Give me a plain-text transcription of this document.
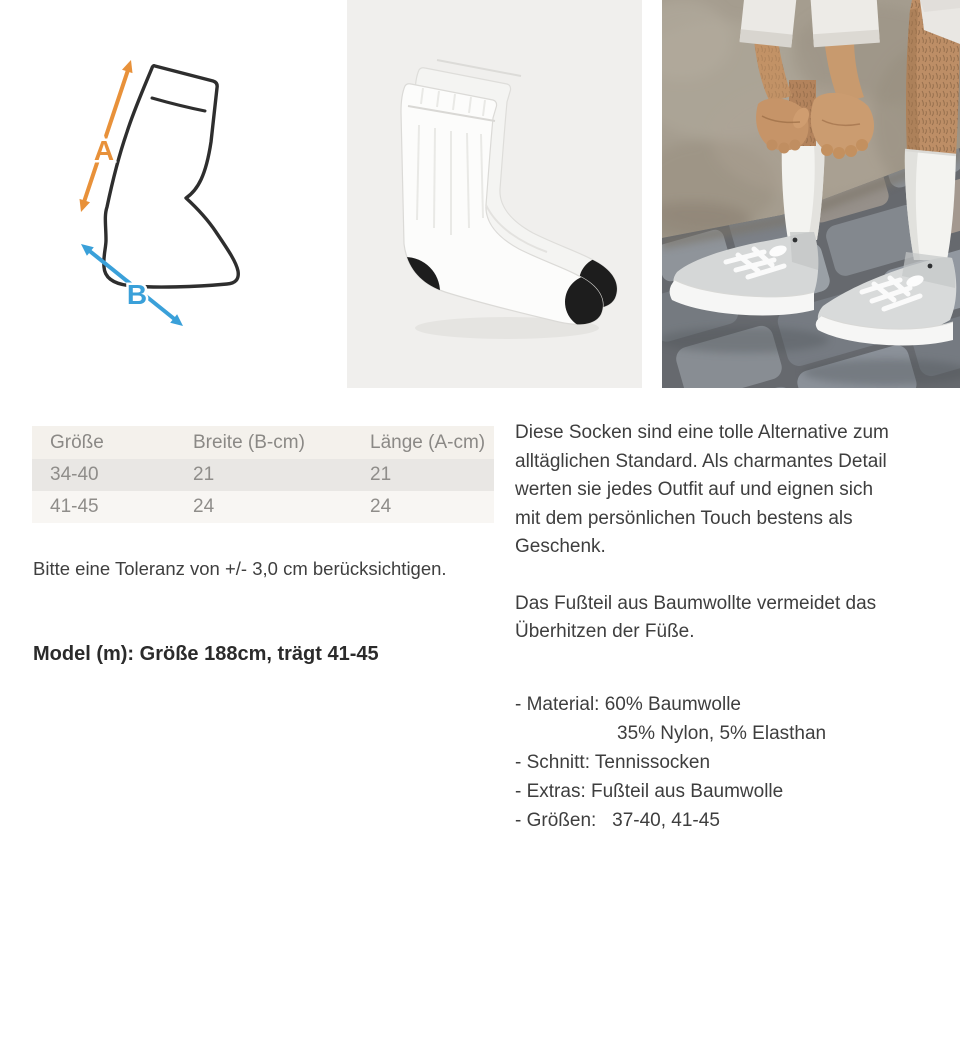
A
B
Größe	Breite (B-cm)	Länge (A-cm)
34-40	21	21
41-45	24	24
Bitte eine Toleranz von +/- 3,0 cm berücksichtigen.
Model (m): Größe 188cm, trägt 41-45
Diese Socken sind eine tolle Alternative zum
alltäglichen Standard. Als charmantes Detail
werten sie jedes Outfit auf und eignen sich
mit dem persönlichen Touch bestens als
Geschenk.
Das Fußteil aus Baumwollte vermeidet das
Überhitzen der Füße.
- Material: 60% Baumwolle
35% Nylon, 5% Elasthan
- Schnitt: Tennissocken
- Extras: Fußteil aus Baumwolle
- Größen:   37-40, 41-45
